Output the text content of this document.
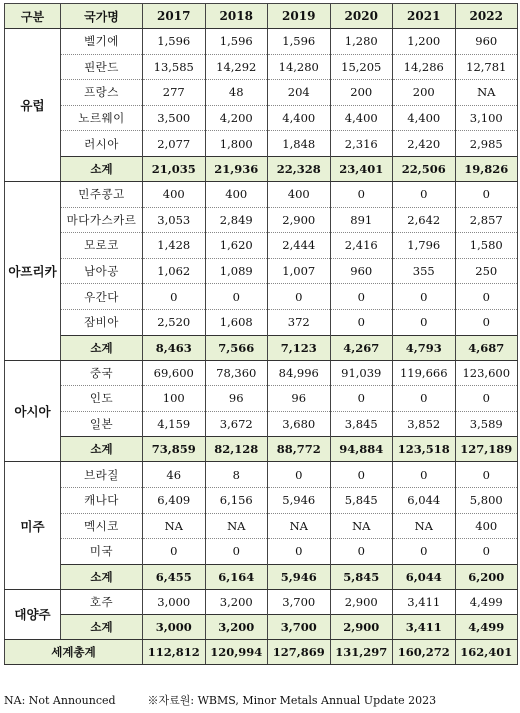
구분	국가명	2017	2018	2019	2020	2021	2022
유럽	벨기에	1,596	1,596	1,596	1,280	1,200	960
	핀란드	13,585	14,292	14,280	15,205	14,286	12,781
	프랑스	277	48	204	200	200	NA
	노르웨이	3,500	4,200	4,400	4,400	4,400	3,100
	러시아	2,077	1,800	1,848	2,316	2,420	2,985
	소계	21,035	21,936	22,328	23,401	22,506	19,826
아프리카	민주콩고	400	400	400	0	0	0
	마다가스카르	3,053	2,849	2,900	891	2,642	2,857
	모로코	1,428	1,620	2,444	2,416	1,796	1,580
	남아공	1,062	1,089	1,007	960	355	250
	우간다	0	0	0	0	0	0
	잠비아	2,520	1,608	372	0	0	0
	소계	8,463	7,566	7,123	4,267	4,793	4,687
아시아	중국	69,600	78,360	84,996	91,039	119,666	123,600
	인도	100	96	96	0	0	0
	일본	4,159	3,672	3,680	3,845	3,852	3,589
	소계	73,859	82,128	88,772	94,884	123,518	127,189
미주	브라질	46	8	0	0	0	0
	캐나다	6,409	6,156	5,946	5,845	6,044	5,800
	멕시코	NA	NA	NA	NA	NA	400
	미국	0	0	0	0	0	0
	소계	6,455	6,164	5,946	5,845	6,044	6,200
대양주	호주	3,000	3,200	3,700	2,900	3,411	4,499
	소계	3,000	3,200	3,700	2,900	3,411	4,499
세계총계		112,812	120,994	127,869	131,297	160,272	162,401
NA: Not Announced	※자료원: WBMS, Minor Metals Annual Update 2023
